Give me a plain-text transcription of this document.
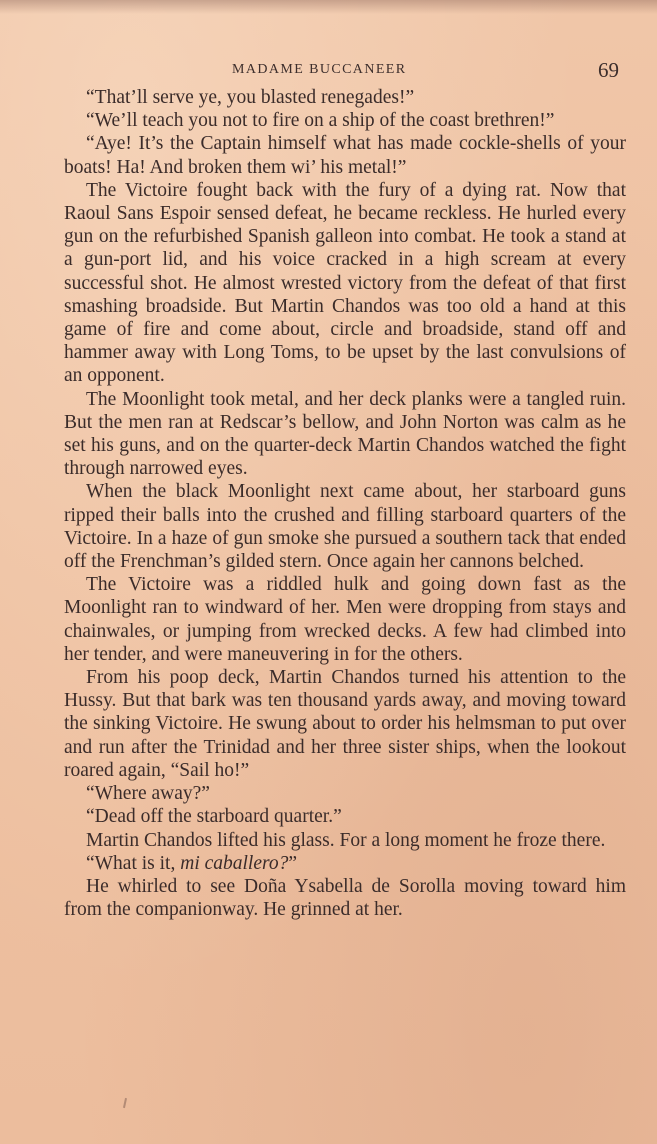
MADAME BUCCANEER	69

“That’ll serve ye, you blasted renegades!”

“We’ll teach you not to fire on a ship of the coast brethren!”

“Aye! It’s the Captain himself what has made cockle-shells of your boats! Ha! And broken them wi’ his metal!”

The Victoire fought back with the fury of a dying rat. Now that Raoul Sans Espoir sensed defeat, he became reckless. He hurled every gun on the refurbished Spanish galleon into combat. He took a stand at a gun-port lid, and his voice cracked in a high scream at every successful shot. He almost wrested victory from the defeat of that first smashing broadside. But Martin Chandos was too old a hand at this game of fire and come about, circle and broadside, stand off and hammer away with Long Toms, to be upset by the last convulsions of an opponent.

The Moonlight took metal, and her deck planks were a tangled ruin. But the men ran at Redscar’s bellow, and John Norton was calm as he set his guns, and on the quarter-deck Martin Chandos watched the fight through narrowed eyes.

When the black Moonlight next came about, her starboard guns ripped their balls into the crushed and filling starboard quarters of the Victoire. In a haze of gun smoke she pursued a southern tack that ended off the Frenchman’s gilded stern. Once again her cannons belched.

The Victoire was a riddled hulk and going down fast as the Moonlight ran to windward of her. Men were dropping from stays and chainwales, or jumping from wrecked decks. A few had climbed into her tender, and were maneuvering in for the others.

From his poop deck, Martin Chandos turned his attention to the Hussy. But that bark was ten thousand yards away, and moving toward the sinking Victoire. He swung about to order his helmsman to put over and run after the Trinidad and her three sister ships, when the lookout roared again, “Sail ho!”

“Where away?”

“Dead off the starboard quarter.”

Martin Chandos lifted his glass. For a long moment he froze there.

“What is it, mi caballero?”

He whirled to see Doña Ysabella de Sorolla moving toward him from the companionway. He grinned at her.
